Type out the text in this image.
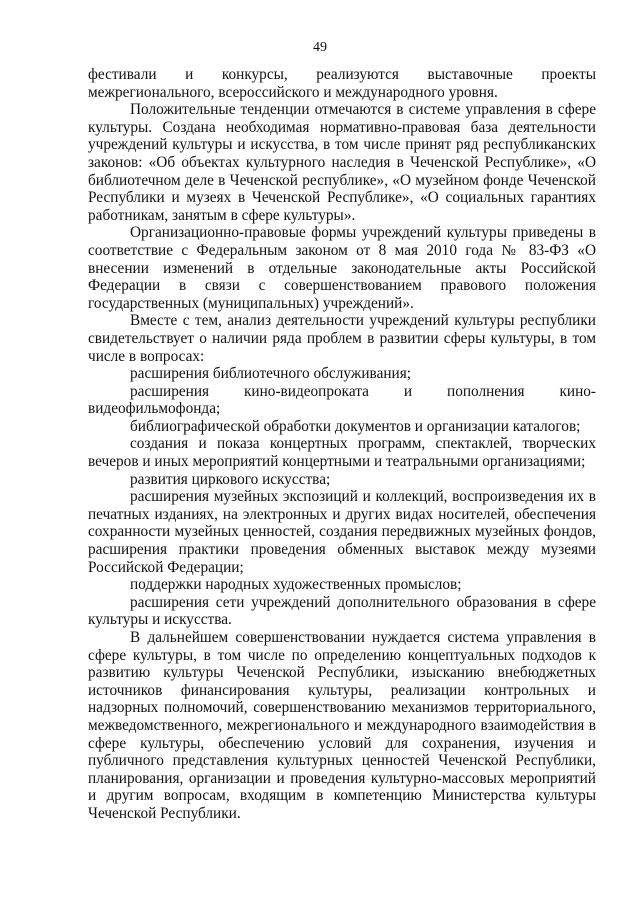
49

фестивали и конкурсы, реализуются выставочные проекты межрегионального, всероссийского и международного уровня.

Положительные тенденции отмечаются в системе управления в сфере культуры. Создана необходимая нормативно-правовая база деятельности учреждений культуры и искусства, в том числе принят ряд республиканских законов: «Об объектах культурного наследия в Чеченской Республике», «О библиотечном деле в Чеченской республике», «О музейном фонде Чеченской Республики и музеях в Чеченской Республике», «О социальных гарантиях работникам, занятым в сфере культуры».

Организационно-правовые формы учреждений культуры приведены в соответствие с Федеральным законом от 8 мая 2010 года № 83-ФЗ «О внесении изменений в отдельные законодательные акты Российской Федерации в связи с совершенствованием правового положения государственных (муниципальных) учреждений».

Вместе с тем, анализ деятельности учреждений культуры республики свидетельствует о наличии ряда проблем в развитии сферы культуры, в том числе в вопросах:

расширения библиотечного обслуживания;

расширения кино-видеопроката и пополнения кино-видеофильмофонда;

библиографической обработки документов и организации каталогов;

создания и показа концертных программ, спектаклей, творческих вечеров и иных мероприятий концертными и театральными организациями;

развития циркового искусства;

расширения музейных экспозиций и коллекций, воспроизведения их в печатных изданиях, на электронных и других видах носителей, обеспечения сохранности музейных ценностей, создания передвижных музейных фондов, расширения практики проведения обменных выставок между музеями Российской Федерации;

поддержки народных художественных промыслов;

расширения сети учреждений дополнительного образования в сфере культуры и искусства.

В дальнейшем совершенствовании нуждается система управления в сфере культуры, в том числе по определению концептуальных подходов к развитию культуры Чеченской Республики, изысканию внебюджетных источников финансирования культуры, реализации контрольных и надзорных полномочий, совершенствованию механизмов территориального, межведомственного, межрегионального и международного взаимодействия в сфере культуры, обеспечению условий для сохранения, изучения и публичного представления культурных ценностей Чеченской Республики, планирования, организации и проведения культурно-массовых мероприятий и другим вопросам, входящим в компетенцию Министерства культуры Чеченской Республики.
